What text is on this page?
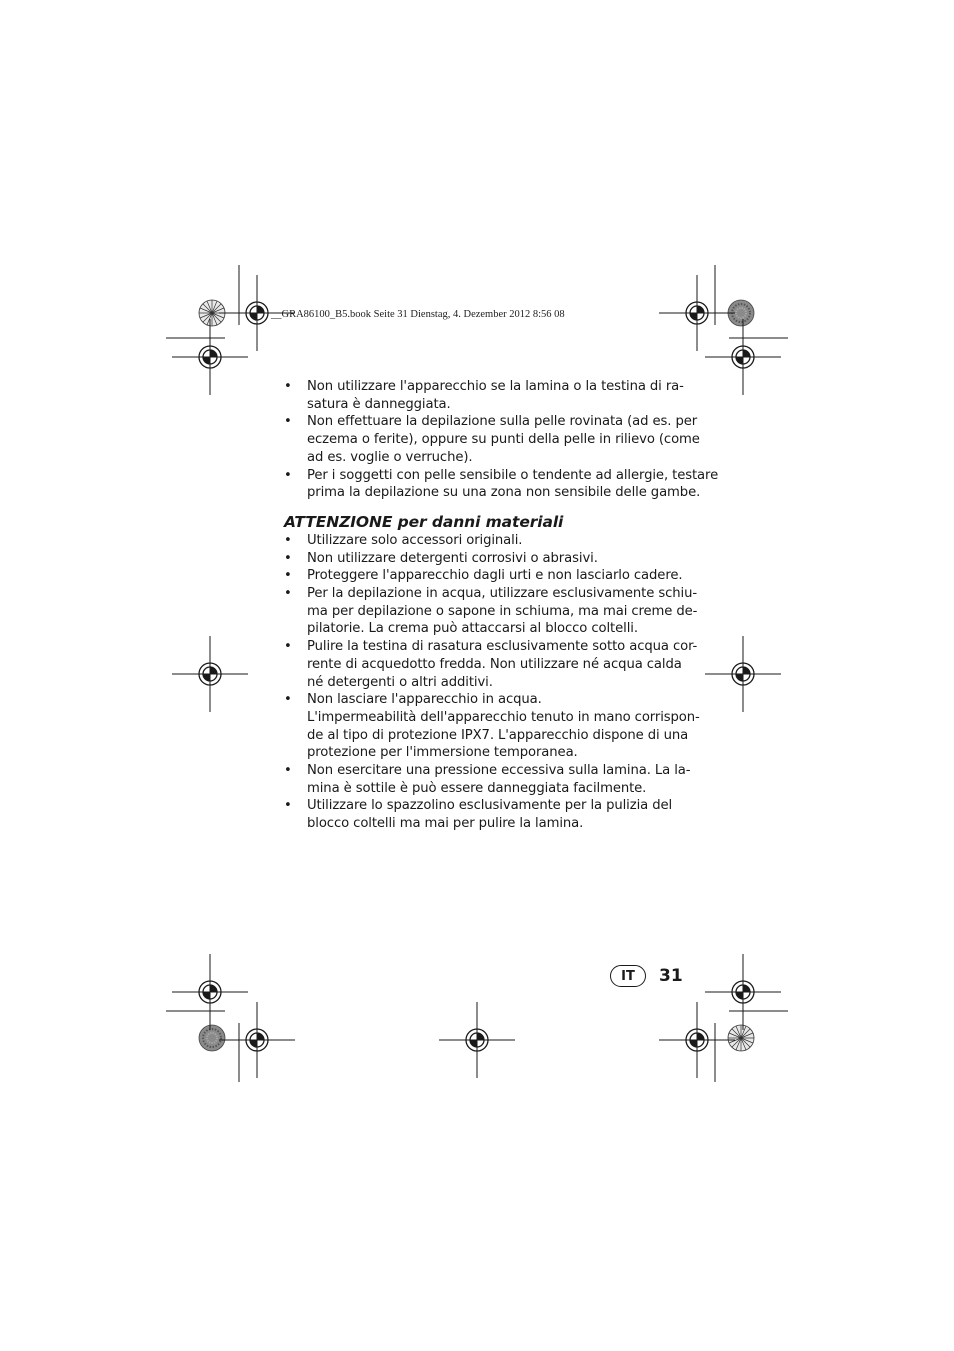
__GRA86100_B5.book Seite 31 Dienstag, 4. Dezember 2012 8:56 08
• Non utilizzare l'apparecchio se la lamina o la testina di ra-
satura è danneggiata.
• Non effettuare la depilazione sulla pelle rovinata (ad es. per
eczema o ferite), oppure su punti della pelle in rilievo (come
ad es. voglie o verruche).
• Per i soggetti con pelle sensibile o tendente ad allergie, testare
prima la depilazione su una zona non sensibile delle gambe.
ATTENZIONE per danni materiali
• Utilizzare solo accessori originali.
• Non utilizzare detergenti corrosivi o abrasivi.
• Proteggere l'apparecchio dagli urti e non lasciarlo cadere.
• Per la depilazione in acqua, utilizzare esclusivamente schiu-
ma per depilazione o sapone in schiuma, ma mai creme de-
pilatorie. La crema può attaccarsi al blocco coltelli.
• Pulire la testina di rasatura esclusivamente sotto acqua cor-
rente di acquedotto fredda. Non utilizzare né acqua calda
né detergenti o altri additivi.
• Non lasciare l'apparecchio in acqua.
L'impermeabilità dell'apparecchio tenuto in mano corrispon-
de al tipo di protezione IPX7. L'apparecchio dispone di una
protezione per l'immersione temporanea.
• Non esercitare una pressione eccessiva sulla lamina. La la-
mina è sottile è può essere danneggiata facilmente.
• Utilizzare lo spazzolino esclusivamente per la pulizia del
blocco coltelli ma mai per pulire la lamina.
IT	31
